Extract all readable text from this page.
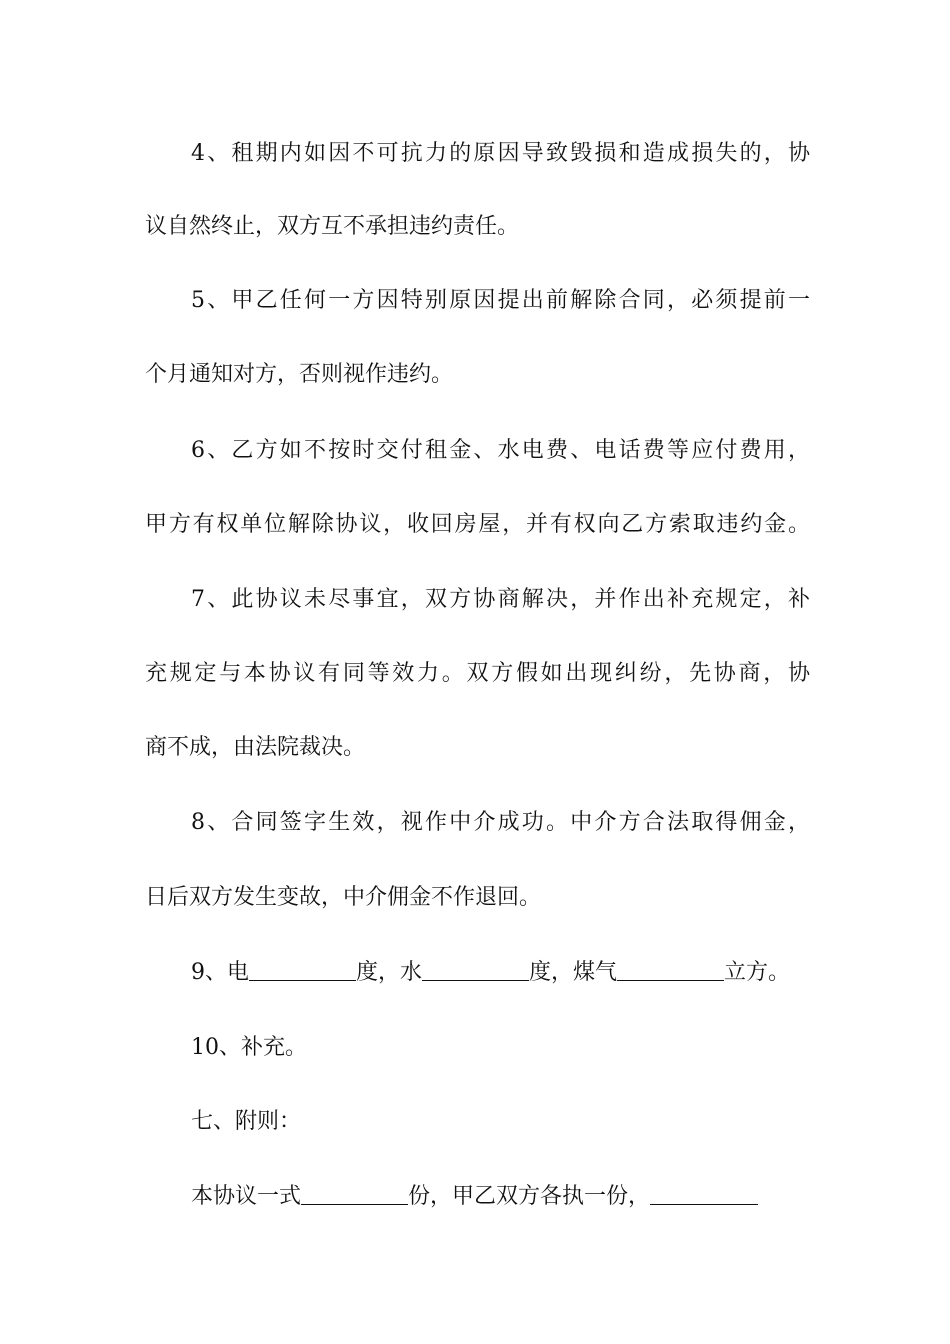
4、租期内如因不可抗力的原因导致毁损和造成损失的，协
议自然终止，双方互不承担违约责任。
5、甲乙任何一方因特别原因提出前解除合同，必须提前一
个月通知对方，否则视作违约。
6、乙方如不按时交付租金、水电费、电话费等应付费用，
甲方有权单位解除协议，收回房屋，并有权向乙方索取违约金。
7、此协议未尽事宜，双方协商解决，并作出补充规定，补
充规定与本协议有同等效力。双方假如出现纠纷，先协商，协
商不成，由法院裁决。
8、合同签字生效，视作中介成功。中介方合法取得佣金，
日后双方发生变故，中介佣金不作退回。
9、电	度，水	度，煤气	立方。
10、补充。
七、附则：
本协议一式	份，甲乙双方各执一份，
